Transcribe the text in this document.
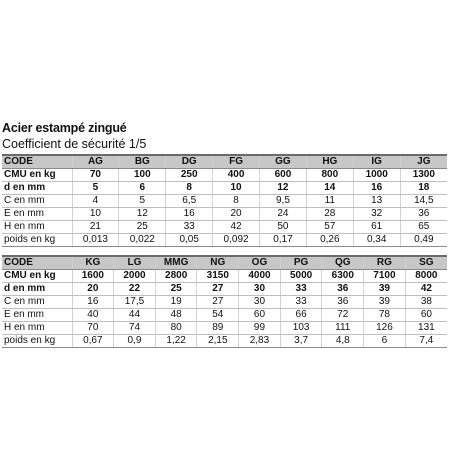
Acier estampé zingué
Coefficient de sécurité 1/5
CODE	AG	BG	DG	FG	GG	HG	IG	JG
CMU en kg	70	100	250	400	600	800	1000	1300
d en mm	5	6	8	10	12	14	16	18
C en mm	4	5	6,5	8	9,5	11	13	14,5
E en mm	10	12	16	20	24	28	32	36
H en mm	21	25	33	42	50	57	61	65
poids en kg	0,013	0,022	0,05	0,092	0,17	0,26	0,34	0,49
CODE	KG	LG	MMG	NG	OG	PG	QG	RG	SG
CMU en kg	1600	2000	2800	3150	4000	5000	6300	7100	8000
d en mm	20	22	25	27	30	33	36	39	42
C en mm	16	17,5	19	27	30	33	36	39	38
E en mm	40	44	48	54	60	66	72	78	60
H en mm	70	74	80	89	99	103	111	126	131
poids en kg	0,67	0,9	1,22	2,15	2,83	3,7	4,8	6	7,4
